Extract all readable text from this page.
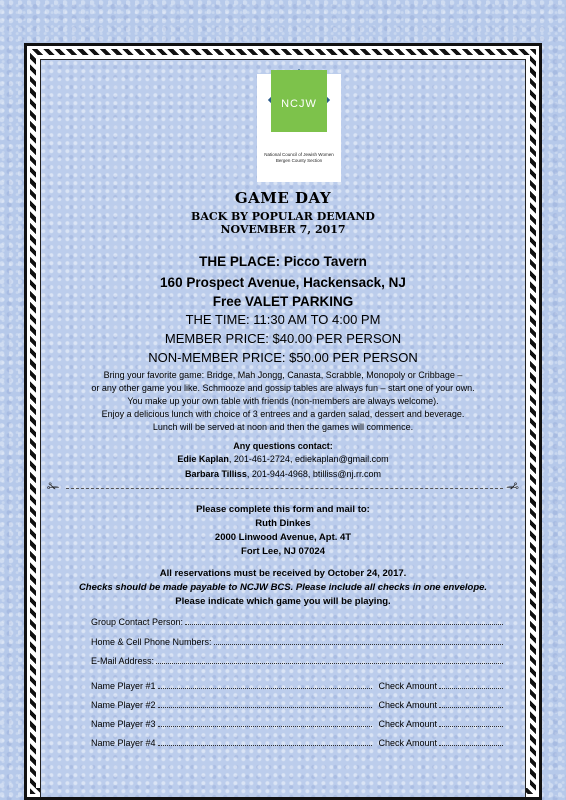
NCJW
National Council of Jewish Women
Bergen County Section
GAME DAY
BACK BY POPULAR DEMAND
NOVEMBER 7, 2017
THE PLACE: Picco Tavern
160 Prospect Avenue, Hackensack, NJ
Free VALET PARKING
THE TIME: 11:30 AM TO 4:00 PM
MEMBER PRICE: $40.00 PER PERSON
NON-MEMBER PRICE: $50.00 PER PERSON
Bring your favorite game: Bridge, Mah Jongg, Canasta, Scrabble, Monopoly or Cribbage –
or any other game you like. Schmooze and gossip tables are always fun – start one of your own.
You make up your own table with friends (non-members are always welcome).
Enjoy a delicious lunch with choice of 3 entrees and a garden salad, dessert and beverage.
Lunch will be served at noon and then the games will commence.
Any questions contact:
Edie Kaplan, 201-461-2724, ediekaplan@gmail.com
Barbara Tilliss, 201-944-4968, btilliss@nj.rr.com
✁	✁
Please complete this form and mail to:
Ruth Dinkes
2000 Linwood Avenue, Apt. 4T
Fort Lee, NJ 07024
All reservations must be received by October 24, 2017.
Checks should be made payable to NCJW BCS. Please include all checks in one envelope.
Please indicate which game you will be playing.
Group Contact Person:
Home & Cell Phone Numbers:
E-Mail Address:
Name Player #1	Check Amount
Name Player #2	Check Amount
Name Player #3	Check Amount
Name Player #4	Check Amount
